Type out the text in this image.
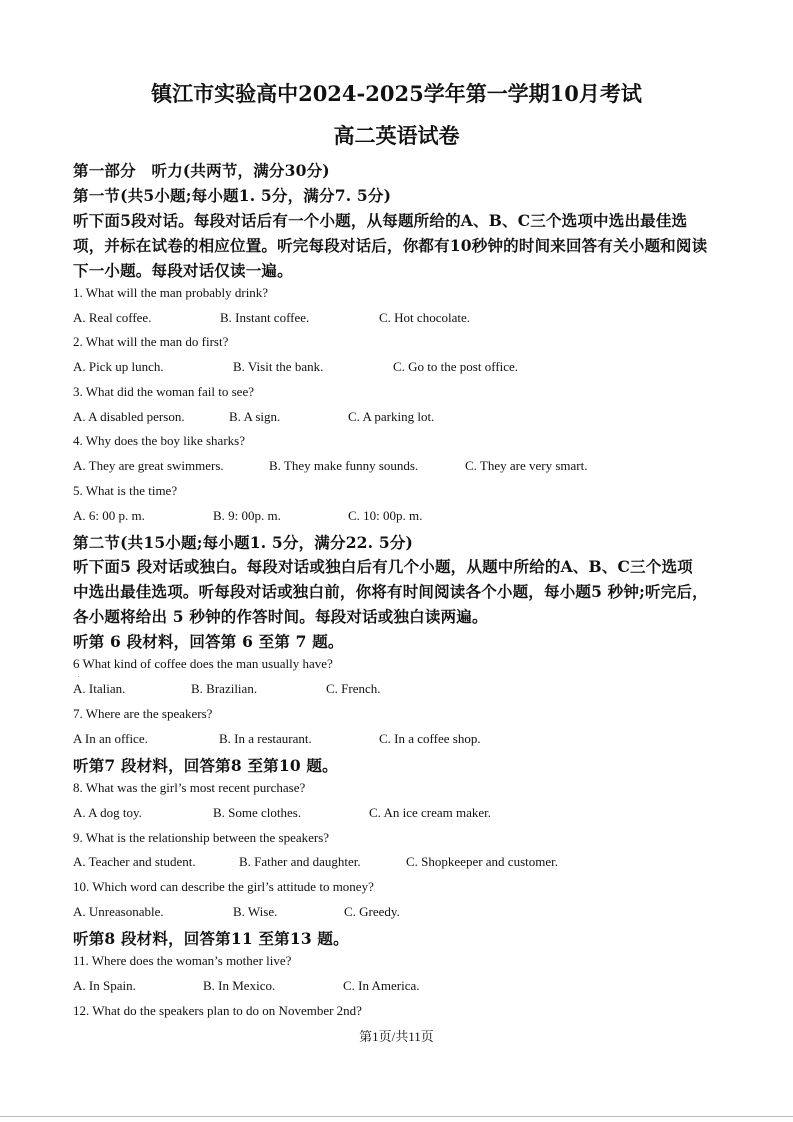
镇江市实验高中2024-2025学年第一学期10月考试
高二英语试卷
第一部分　听力(共两节，满分30分)
第一节(共5小题;每小题1. 5分，满分7. 5分)
听下面5段对话。每段对话后有一个小题，从每题所给的A、B、C三个选项中选出最佳选
项，并标在试卷的相应位置。听完每段对话后，你都有10秒钟的时间来回答有关小题和阅读
下一小题。每段对话仅读一遍。
1. What will the man probably drink?
A. Real coffee.	B. Instant coffee.	C. Hot chocolate.
2. What will the man do first?
A. Pick up lunch.	B. Visit the bank.	C. Go to the post office.
3. What did the woman fail to see?
A. A disabled person.	B. A sign.	C. A parking lot.
4. Why does the boy like sharks?
A. They are great swimmers.	B. They make funny sounds.	C. They are very smart.
5. What is the time?
A. 6: 00 p. m.	B. 9: 00p. m.	C. 10: 00p. m.
第二节(共15小题;每小题1. 5分，满分22. 5分)
听下面5 段对话或独白。每段对话或独白后有几个小题，从题中所给的A、B、C三个选项
中选出最佳选项。听每段对话或独白前，你将有时间阅读各个小题，每小题5 秒钟;听完后，
各小题将给出 5 秒钟的作答时间。每段对话或独白读两遍。
听第 6 段材料，回答第 6 至第 7 题。
6 What kind of coffee does the man usually have?
A. Italian.	B. Brazilian.	C. French.
7. Where are the speakers?
A In an office.	B. In a restaurant.	C. In a coffee shop.
听第7 段材料，回答第8 至第10 题。
8. What was the girl’s most recent purchase?
A. A dog toy.	B. Some clothes.	C. An ice cream maker.
9. What is the relationship between the speakers?
A. Teacher and student.	B. Father and daughter.	C. Shopkeeper and customer.
10. Which word can describe the girl’s attitude to money?
A. Unreasonable.	B. Wise.	C. Greedy.
听第8 段材料，回答第11 至第13 题。
11. Where does the woman’s mother live?
A. In Spain.	B. In Mexico.	C. In America.
12. What do the speakers plan to do on November 2nd?
第1页/共11页
